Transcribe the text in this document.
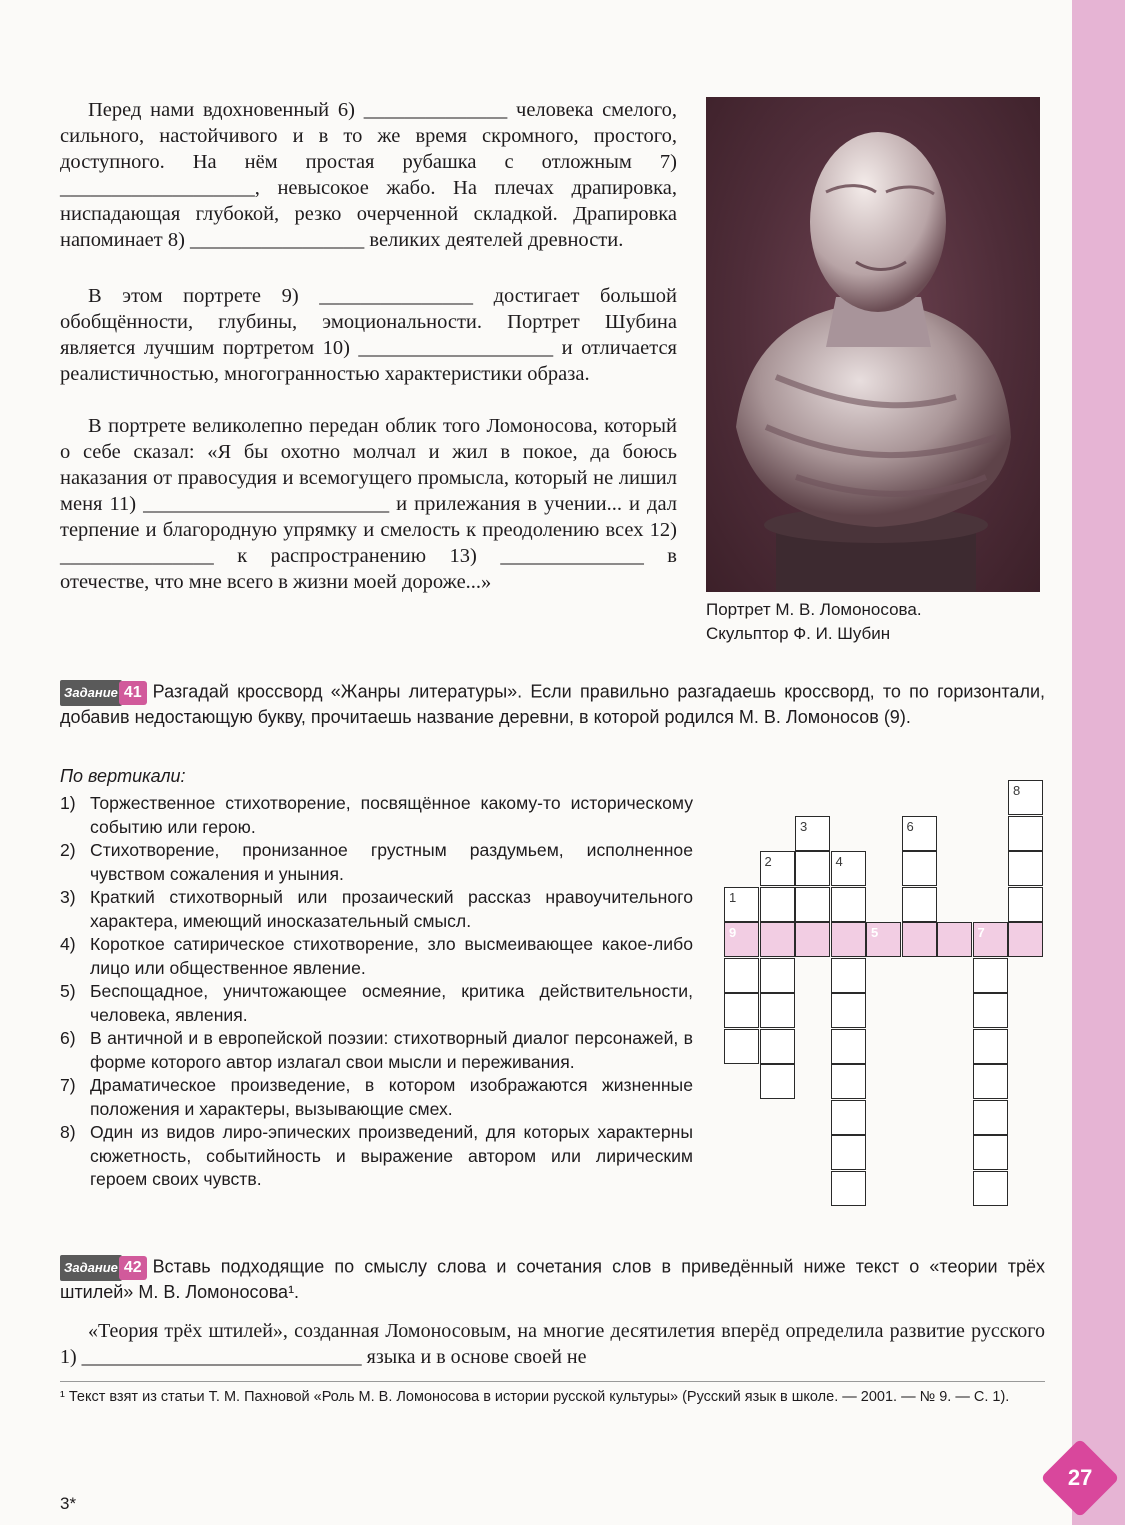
Перед нами вдохновенный 6) ______________ человека смелого, сильного, настойчивого и в то же время скромного, простого, доступного. На нём простая рубашка с отложным 7) ___________________, невысокое жабо. На плечах драпировка, ниспадающая глубокой, резко очерченной складкой. Драпировка напоминает 8) _________________ великих деятелей древности.

В этом портрете 9) _______________ достигает большой обобщённости, глубины, эмоциональности. Портрет Шубина является лучшим портретом 10) ___________________ и отличается реалистичностью, многогранностью характеристики образа.

В портрете великолепно передан облик того Ломоносова, который о себе сказал: «Я бы охотно молчал и жил в покое, да боюсь наказания от правосудия и всемогущего промысла, который не лишил меня 11) ________________________ и прилежания в учении... и дал терпение и благородную упрямку и смелость к преодолению всех 12) _______________ к распространению 13) ______________ в отечестве, что мне всего в жизни моей дороже...»

Портрет М. В. Ломоносова.
Скульптор Ф. И. Шубин

Задание 41 Разгадай кроссворд «Жанры литературы». Если правильно разгадаешь кроссворд, то по горизонтали, добавив недостающую букву, прочитаешь название деревни, в которой родился М. В. Ломоносов (9).

По вертикали:

1) Торжественное стихотворение, посвящённое какому-то историческому событию или герою.
2) Стихотворение, пронизанное грустным раздумьем, исполненное чувством сожаления и уныния.
3) Краткий стихотворный или прозаический рассказ нравоучительного характера, имеющий иносказательный смысл.
4) Короткое сатирическое стихотворение, зло высмеивающее какое-либо лицо или общественное явление.
5) Беспощадное, уничтожающее осмеяние, критика действительности, человека, явления.
6) В античной и в европейской поэзии: стихотворный диалог персонажей, в форме которого автор излагал свои мысли и переживания.
7) Драматическое произведение, в котором изображаются жизненные положения и характеры, вызывающие смех.
8) Один из видов лиро-эпических произведений, для которых характерны сюжетность, событийность и выражение автором или лирическим героем своих чувств.
1
9
2
3
4
5
6
7
8

Задание 42 Вставь подходящие по смыслу слова и сочетания слов в приведённый ниже текст о «теории трёх штилей» М. В. Ломоносова¹.

«Теория трёх штилей», созданная Ломоносовым, на многие десятилетия вперёд определила развитие русского 1) ____________________________ языка и в основе своей не

¹ Текст взят из статьи Т. М. Пахновой «Роль М. В. Ломоносова в истории русской культуры» (Русский язык в школе. — 2001. — № 9. — С. 1).

27

3*
